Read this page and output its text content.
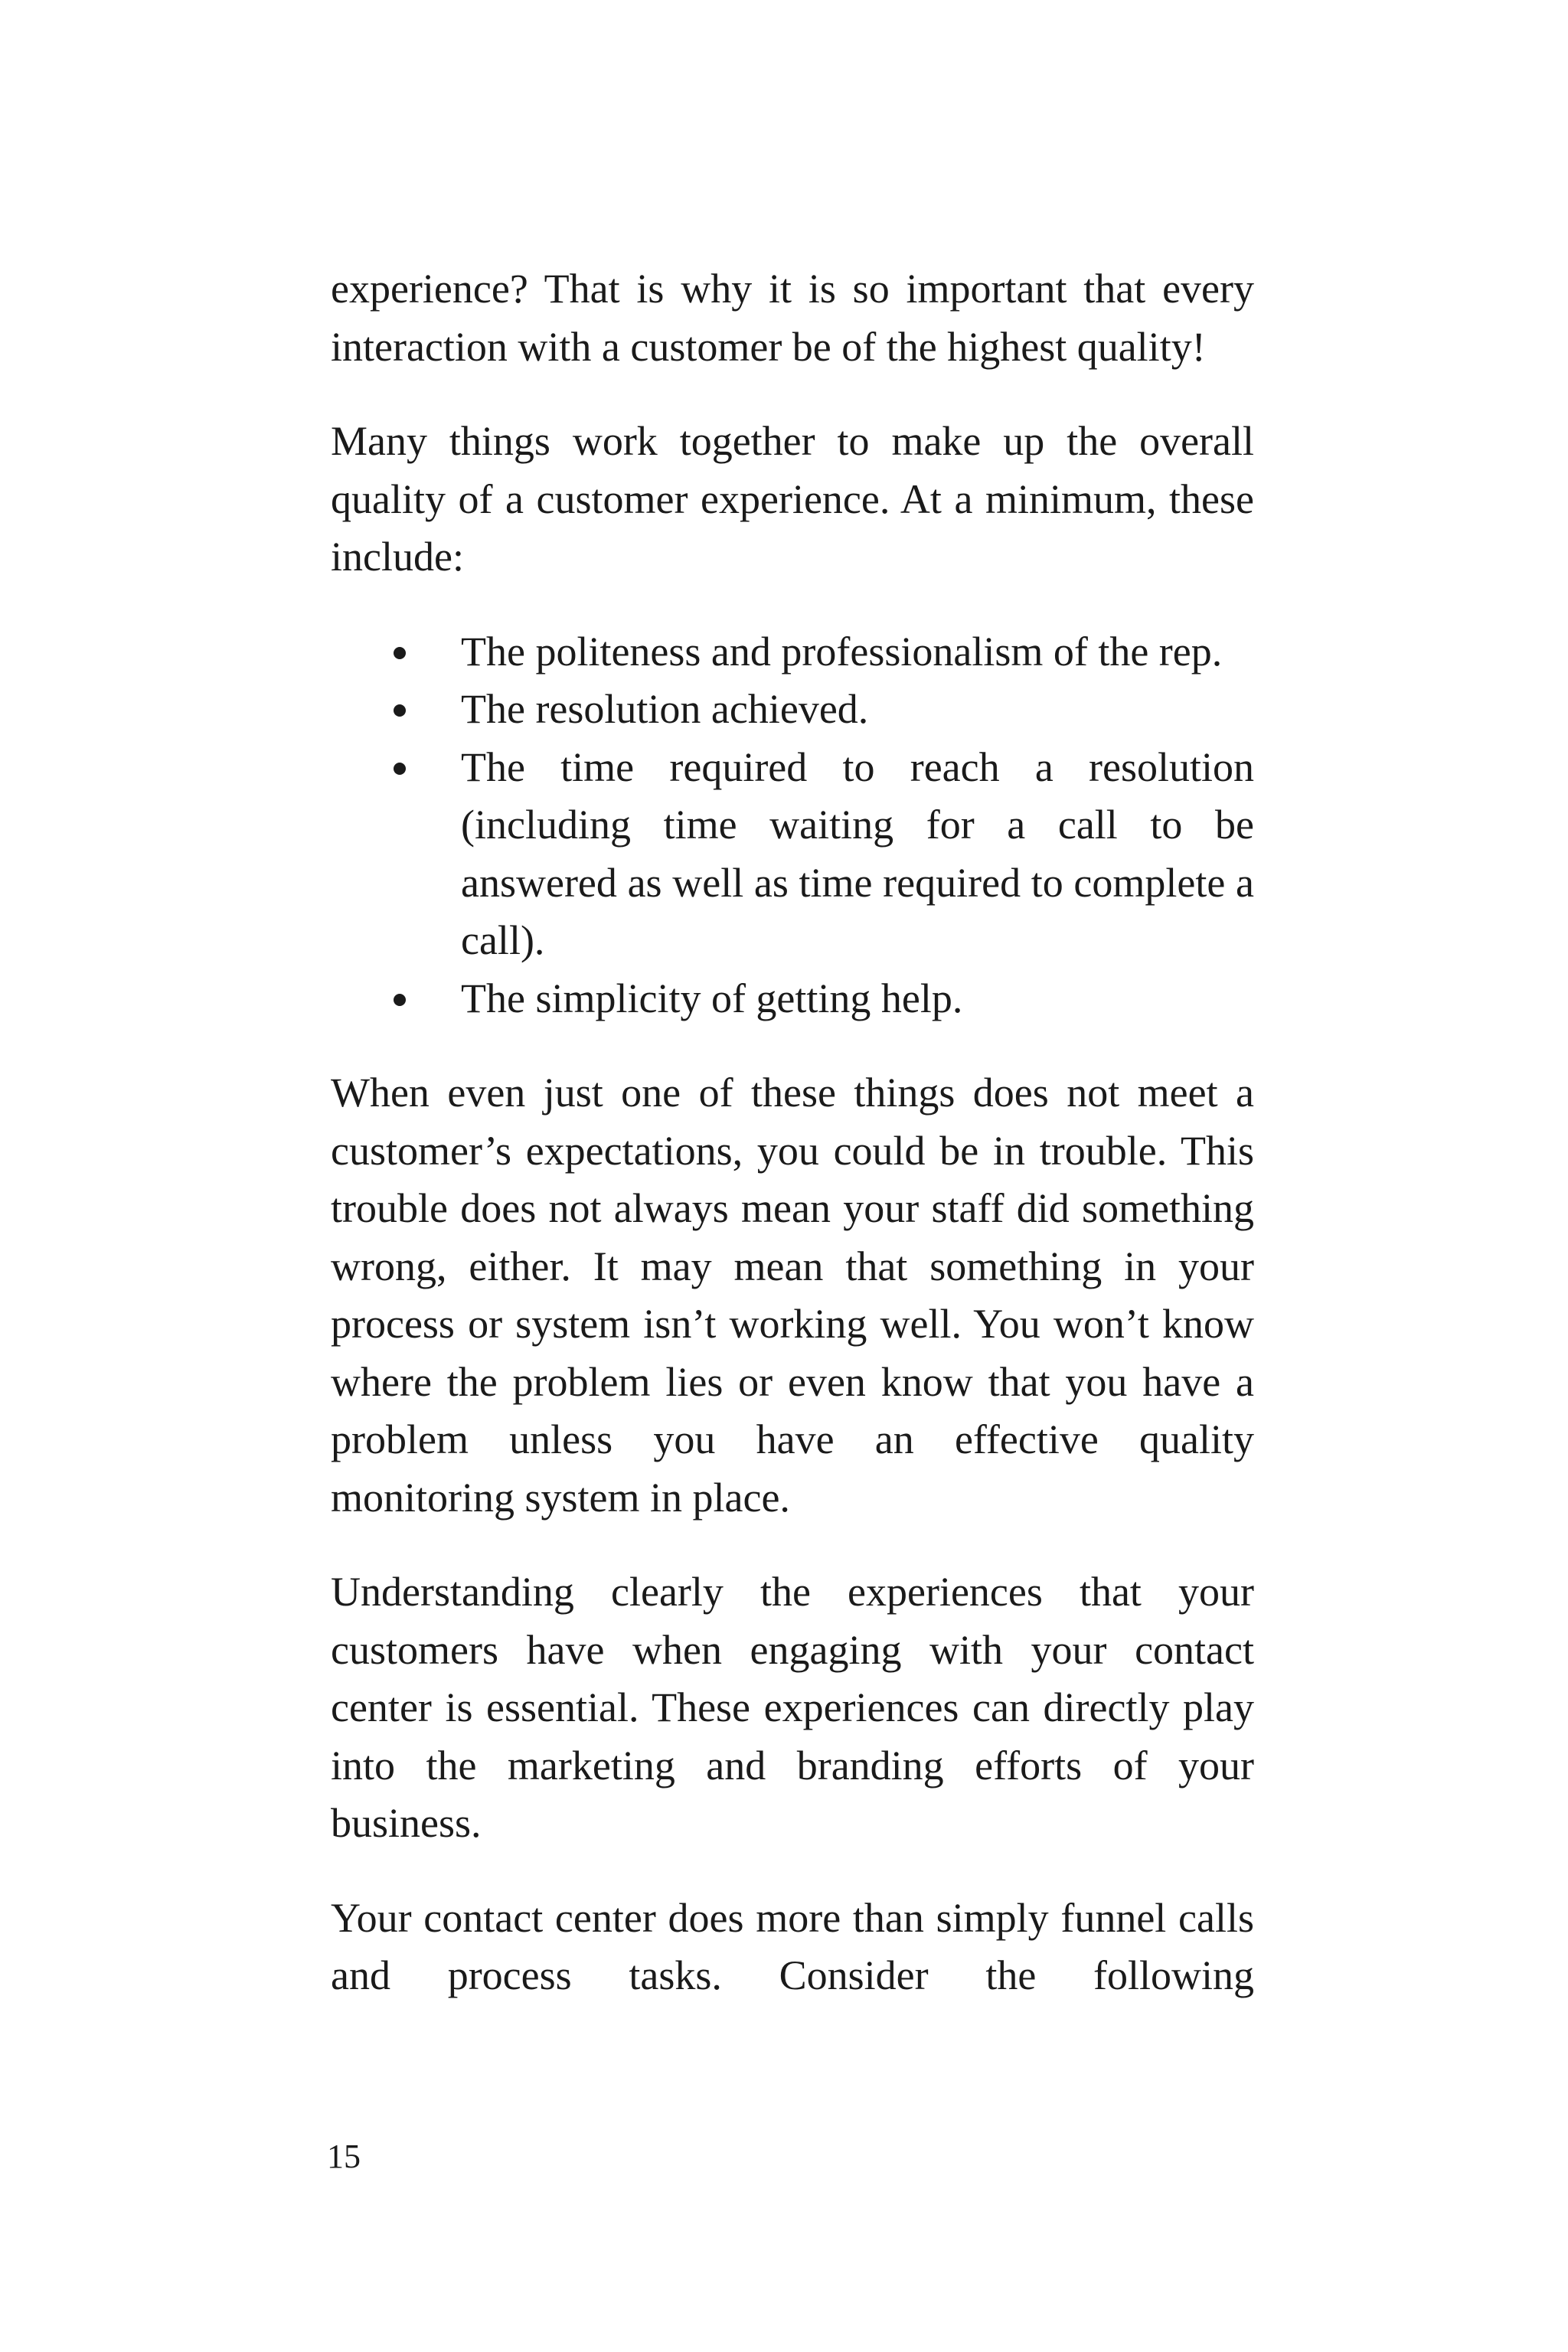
experience? That is why it is so important that every interaction with a customer be of the highest quality!

Many things work together to make up the overall quality of a customer experience. At a minimum, these include:

The politeness and professionalism of the rep.
The resolution achieved.
The time required to reach a resolution (including time waiting for a call to be answered as well as time required to complete a call).
The simplicity of getting help.

When even just one of these things does not meet a customer’s expectations, you could be in trouble. This trouble does not always mean your staff did something wrong, either. It may mean that something in your process or system isn’t working well. You won’t know where the problem lies or even know that you have a problem unless you have an effective quality monitoring system in place.

Understanding clearly the experiences that your customers have when engaging with your contact center is essential. These experiences can directly play into the marketing and branding efforts of your business.

Your contact center does more than simply funnel calls and process tasks. Consider the following

15
